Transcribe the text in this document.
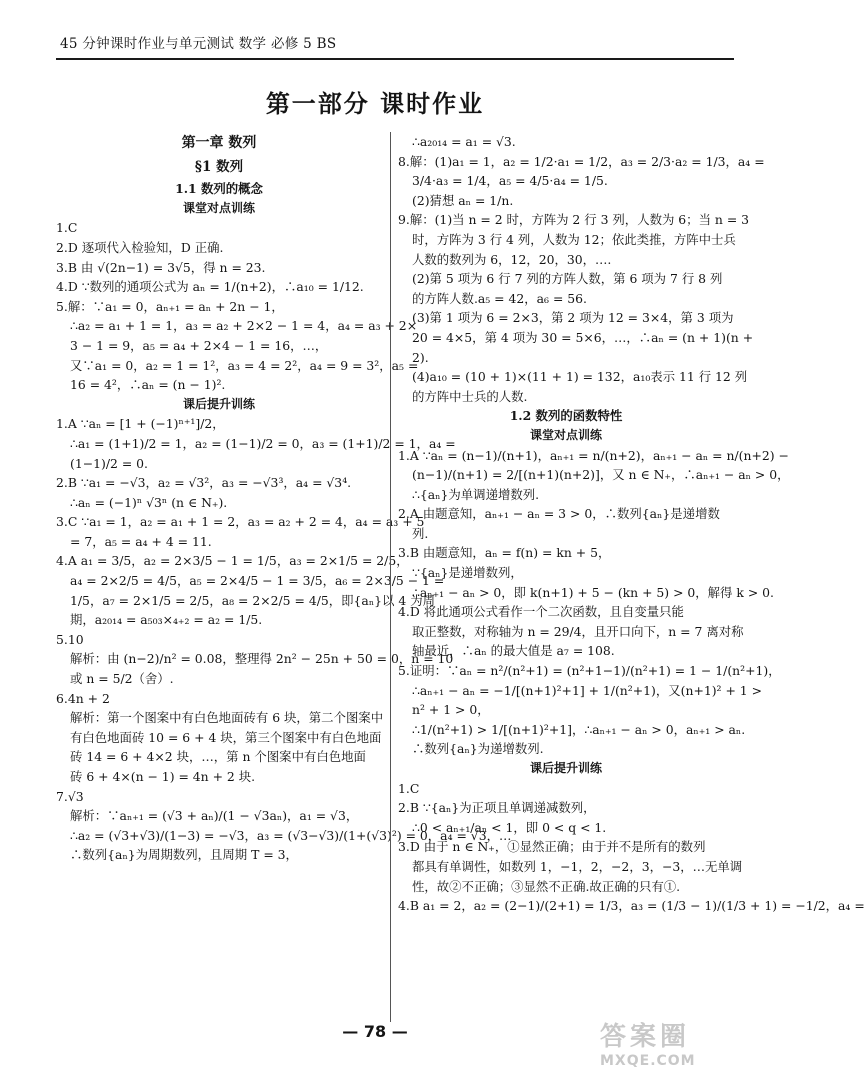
45 分钟课时作业与单元测试 数学 必修 5 BS
第一部分 课时作业
第一章 数列
§1 数列
1.1 数列的概念
课堂对点训练
1.C
2.D 逐项代入检验知，D 正确.
3.B 由 √(2n−1) = 3√5，得 n = 23.
4.D ∵数列的通项公式为 aₙ = 1/(n+2)，∴a₁₀ = 1/12.
5.解：∵a₁ = 0，aₙ₊₁ = aₙ + 2n − 1，
∴a₂ = a₁ + 1 = 1，a₃ = a₂ + 2×2 − 1 = 4，a₄ = a₃ + 2×
3 − 1 = 9，a₅ = a₄ + 2×4 − 1 = 16，…，
又∵a₁ = 0，a₂ = 1 = 1²，a₃ = 4 = 2²，a₄ = 9 = 3²，a₅ =
16 = 4²，∴aₙ = (n − 1)².
课后提升训练
1.A ∵aₙ = [1 + (−1)ⁿ⁺¹]/2，
∴a₁ = (1+1)/2 = 1，a₂ = (1−1)/2 = 0，a₃ = (1+1)/2 = 1，a₄ =
(1−1)/2 = 0.
2.B ∵a₁ = −√3，a₂ = √3²，a₃ = −√3³，a₄ = √3⁴.
∴aₙ = (−1)ⁿ √3ⁿ (n ∈ N₊).
3.C ∵a₁ = 1，a₂ = a₁ + 1 = 2，a₃ = a₂ + 2 = 4，a₄ = a₃ + 5
= 7，a₅ = a₄ + 4 = 11.
4.A a₁ = 3/5，a₂ = 2×3/5 − 1 = 1/5，a₃ = 2×1/5 = 2/5，
a₄ = 2×2/5 = 4/5，a₅ = 2×4/5 − 1 = 3/5，a₆ = 2×3/5 − 1 =
1/5，a₇ = 2×1/5 = 2/5，a₈ = 2×2/5 = 4/5，即{aₙ}以 4 为周
期，a₂₀₁₄ = a₅₀₃×₄₊₂ = a₂ = 1/5.
5.10
解析：由 (n−2)/n² = 0.08，整理得 2n² − 25n + 50 = 0，n = 10
或 n = 5/2（舍）.
6.4n + 2
解析：第一个图案中有白色地面砖有 6 块，第二个图案中
有白色地面砖 10 = 6 + 4 块，第三个图案中有白色地面
砖 14 = 6 + 4×2 块，…，第 n 个图案中有白色地面
砖 6 + 4×(n − 1) = 4n + 2 块.
7.√3
解析：∵aₙ₊₁ = (√3 + aₙ)/(1 − √3aₙ)，a₁ = √3，
∴a₂ = (√3+√3)/(1−3) = −√3，a₃ = (√3−√3)/(1+(√3)²) = 0，a₄ = √3，…
∴数列{aₙ}为周期数列，且周期 T = 3，
∴a₂₀₁₄ = a₁ = √3.
8.解：(1)a₁ = 1，a₂ = 1/2·a₁ = 1/2，a₃ = 2/3·a₂ = 1/3，a₄ =
3/4·a₃ = 1/4，a₅ = 4/5·a₄ = 1/5.
(2)猜想 aₙ = 1/n.
9.解：(1)当 n = 2 时，方阵为 2 行 3 列，人数为 6；当 n = 3
时，方阵为 3 行 4 列，人数为 12；依此类推，方阵中士兵
人数的数列为 6，12，20，30，….
(2)第 5 项为 6 行 7 列的方阵人数，第 6 项为 7 行 8 列
的方阵人数.a₅ = 42，a₆ = 56.
(3)第 1 项为 6 = 2×3，第 2 项为 12 = 3×4，第 3 项为
20 = 4×5，第 4 项为 30 = 5×6，…，∴aₙ = (n + 1)(n +
2).
(4)a₁₀ = (10 + 1)×(11 + 1) = 132，a₁₀表示 11 行 12 列
的方阵中士兵的人数.
1.2 数列的函数特性
课堂对点训练
1.A ∵aₙ = (n−1)/(n+1)，aₙ₊₁ = n/(n+2)，aₙ₊₁ − aₙ = n/(n+2) −
(n−1)/(n+1) = 2/[(n+1)(n+2)]，又 n ∈ N₊，∴aₙ₊₁ − aₙ > 0，
∴{aₙ}为单调递增数列.
2.A 由题意知，aₙ₊₁ − aₙ = 3 > 0，∴数列{aₙ}是递增数
列.
3.B 由题意知，aₙ = f(n) = kn + 5，
∵{aₙ}是递增数列，
∴aₙ₊₁ − aₙ > 0，即 k(n+1) + 5 − (kn + 5) > 0，解得 k > 0.
4.D 将此通项公式看作一个二次函数，且自变量只能
取正整数，对称轴为 n = 29/4，且开口向下，n = 7 离对称
轴最近，∴aₙ 的最大值是 a₇ = 108.
5.证明：∵aₙ = n²/(n²+1) = (n²+1−1)/(n²+1) = 1 − 1/(n²+1)，
∴aₙ₊₁ − aₙ = −1/[(n+1)²+1] + 1/(n²+1)，又(n+1)² + 1 >
n² + 1 > 0，
∴1/(n²+1) > 1/[(n+1)²+1]，∴aₙ₊₁ − aₙ > 0，aₙ₊₁ > aₙ.
∴数列{aₙ}为递增数列.
课后提升训练
1.C
2.B ∵{aₙ}为正项且单调递减数列，
∴0 < aₙ₊₁/aₙ < 1，即 0 < q < 1.
3.D 由于 n ∈ N₊，①显然正确；由于并不是所有的数列
都具有单调性，如数列 1，−1，2，−2，3，−3，…无单调
性，故②不正确；③显然不正确.故正确的只有①.
4.B a₁ = 2，a₂ = (2−1)/(2+1) = 1/3，a₃ = (1/3 − 1)/(1/3 + 1) = −1/2，a₄ =
— 78 —	答案圈
MXQE.COM
